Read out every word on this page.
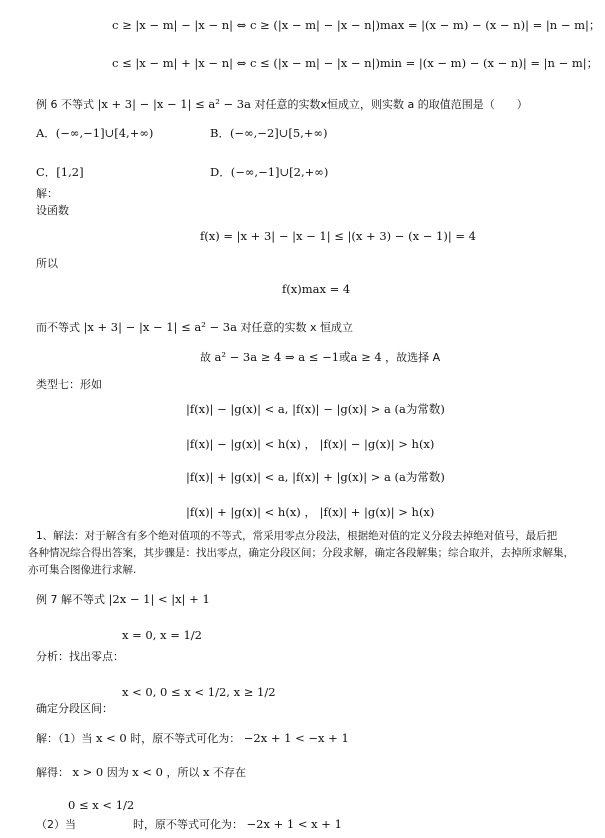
c ≥ |x − m| − |x − n| ⇔ c ≥ (|x − m| − |x − n|)max = |(x − m) − (x − n)| = |n − m|；
c ≤ |x − m| + |x − n| ⇔ c ≤ (|x − m| − |x − n|)min = |(x − m) − (x − n)| = |n − m|；
例 6 不等式 |x + 3| − |x − 1| ≤ a² − 3a 对任意的实数x恒成立，则实数 a 的取值范围是（　　）
A．(−∞,−1]∪[4,+∞)	B．(−∞,−2]∪[5,+∞)
C．[1,2]	D．(−∞,−1]∪[2,+∞)
解：
设函数
f(x) = |x + 3| − |x − 1| ≤ |(x + 3) − (x − 1)| = 4
所以
f(x)max = 4
而不等式 |x + 3| − |x − 1| ≤ a² − 3a 对任意的实数 x 恒成立
故 a² − 3a ≥ 4 ⇒ a ≤ −1或a ≥ 4 ，故选择 A
类型七：形如
|f(x)| − |g(x)| < a, |f(x)| − |g(x)| > a (a为常数)
|f(x)| − |g(x)| < h(x) ， |f(x)| − |g(x)| > h(x)
|f(x)| + |g(x)| < a, |f(x)| + |g(x)| > a (a为常数)
|f(x)| + |g(x)| < h(x) ， |f(x)| + |g(x)| > h(x)
1、解法：对于解含有多个绝对值项的不等式，常采用零点分段法，根据绝对值的定义分段去掉绝对值号，最后把
各种情况综合得出答案，其步骤是：找出零点，确定分段区间；分段求解，确定各段解集；综合取并，去掉所求解集，
亦可集合图像进行求解.
例 7 解不等式 |2x − 1| < |x| + 1
x = 0, x = 1/2
分析：找出零点：
x < 0, 0 ≤ x < 1/2, x ≥ 1/2
确定分段区间：
解：（1）当 x < 0 时，原不等式可化为： −2x + 1 < −x + 1
解得： x > 0 因为 x < 0 ，所以 x 不存在
0 ≤ x < 1/2
（2）当	时，原不等式可化为： −2x + 1 < x + 1
